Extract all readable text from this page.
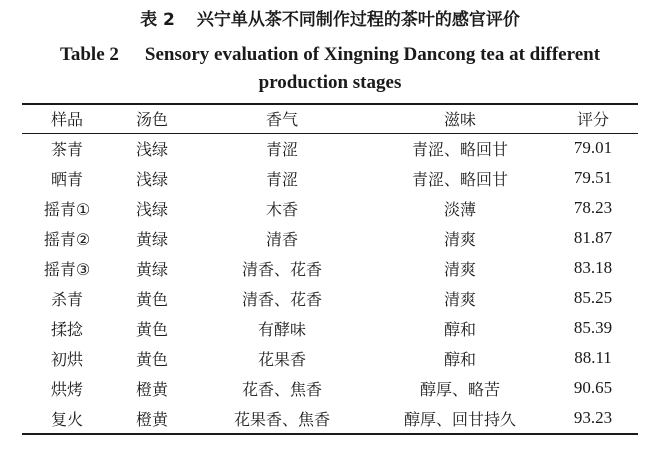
表 2 兴宁单从茶不同制作过程的茶叶的感官评价
Table 2 Sensory evaluation of Xingning Dancong tea at different
production stages
样品	汤色	香气	滋味	评分
茶青	浅绿	青涩	青涩、略回甘	79.01
晒青	浅绿	青涩	青涩、略回甘	79.51
摇青①	浅绿	木香	淡薄	78.23
摇青②	黄绿	清香	清爽	81.87
摇青③	黄绿	清香、花香	清爽	83.18
杀青	黄色	清香、花香	清爽	85.25
揉捻	黄色	有酵味	醇和	85.39
初烘	黄色	花果香	醇和	88.11
烘烤	橙黄	花香、焦香	醇厚、略苦	90.65
复火	橙黄	花果香、焦香	醇厚、回甘持久	93.23
